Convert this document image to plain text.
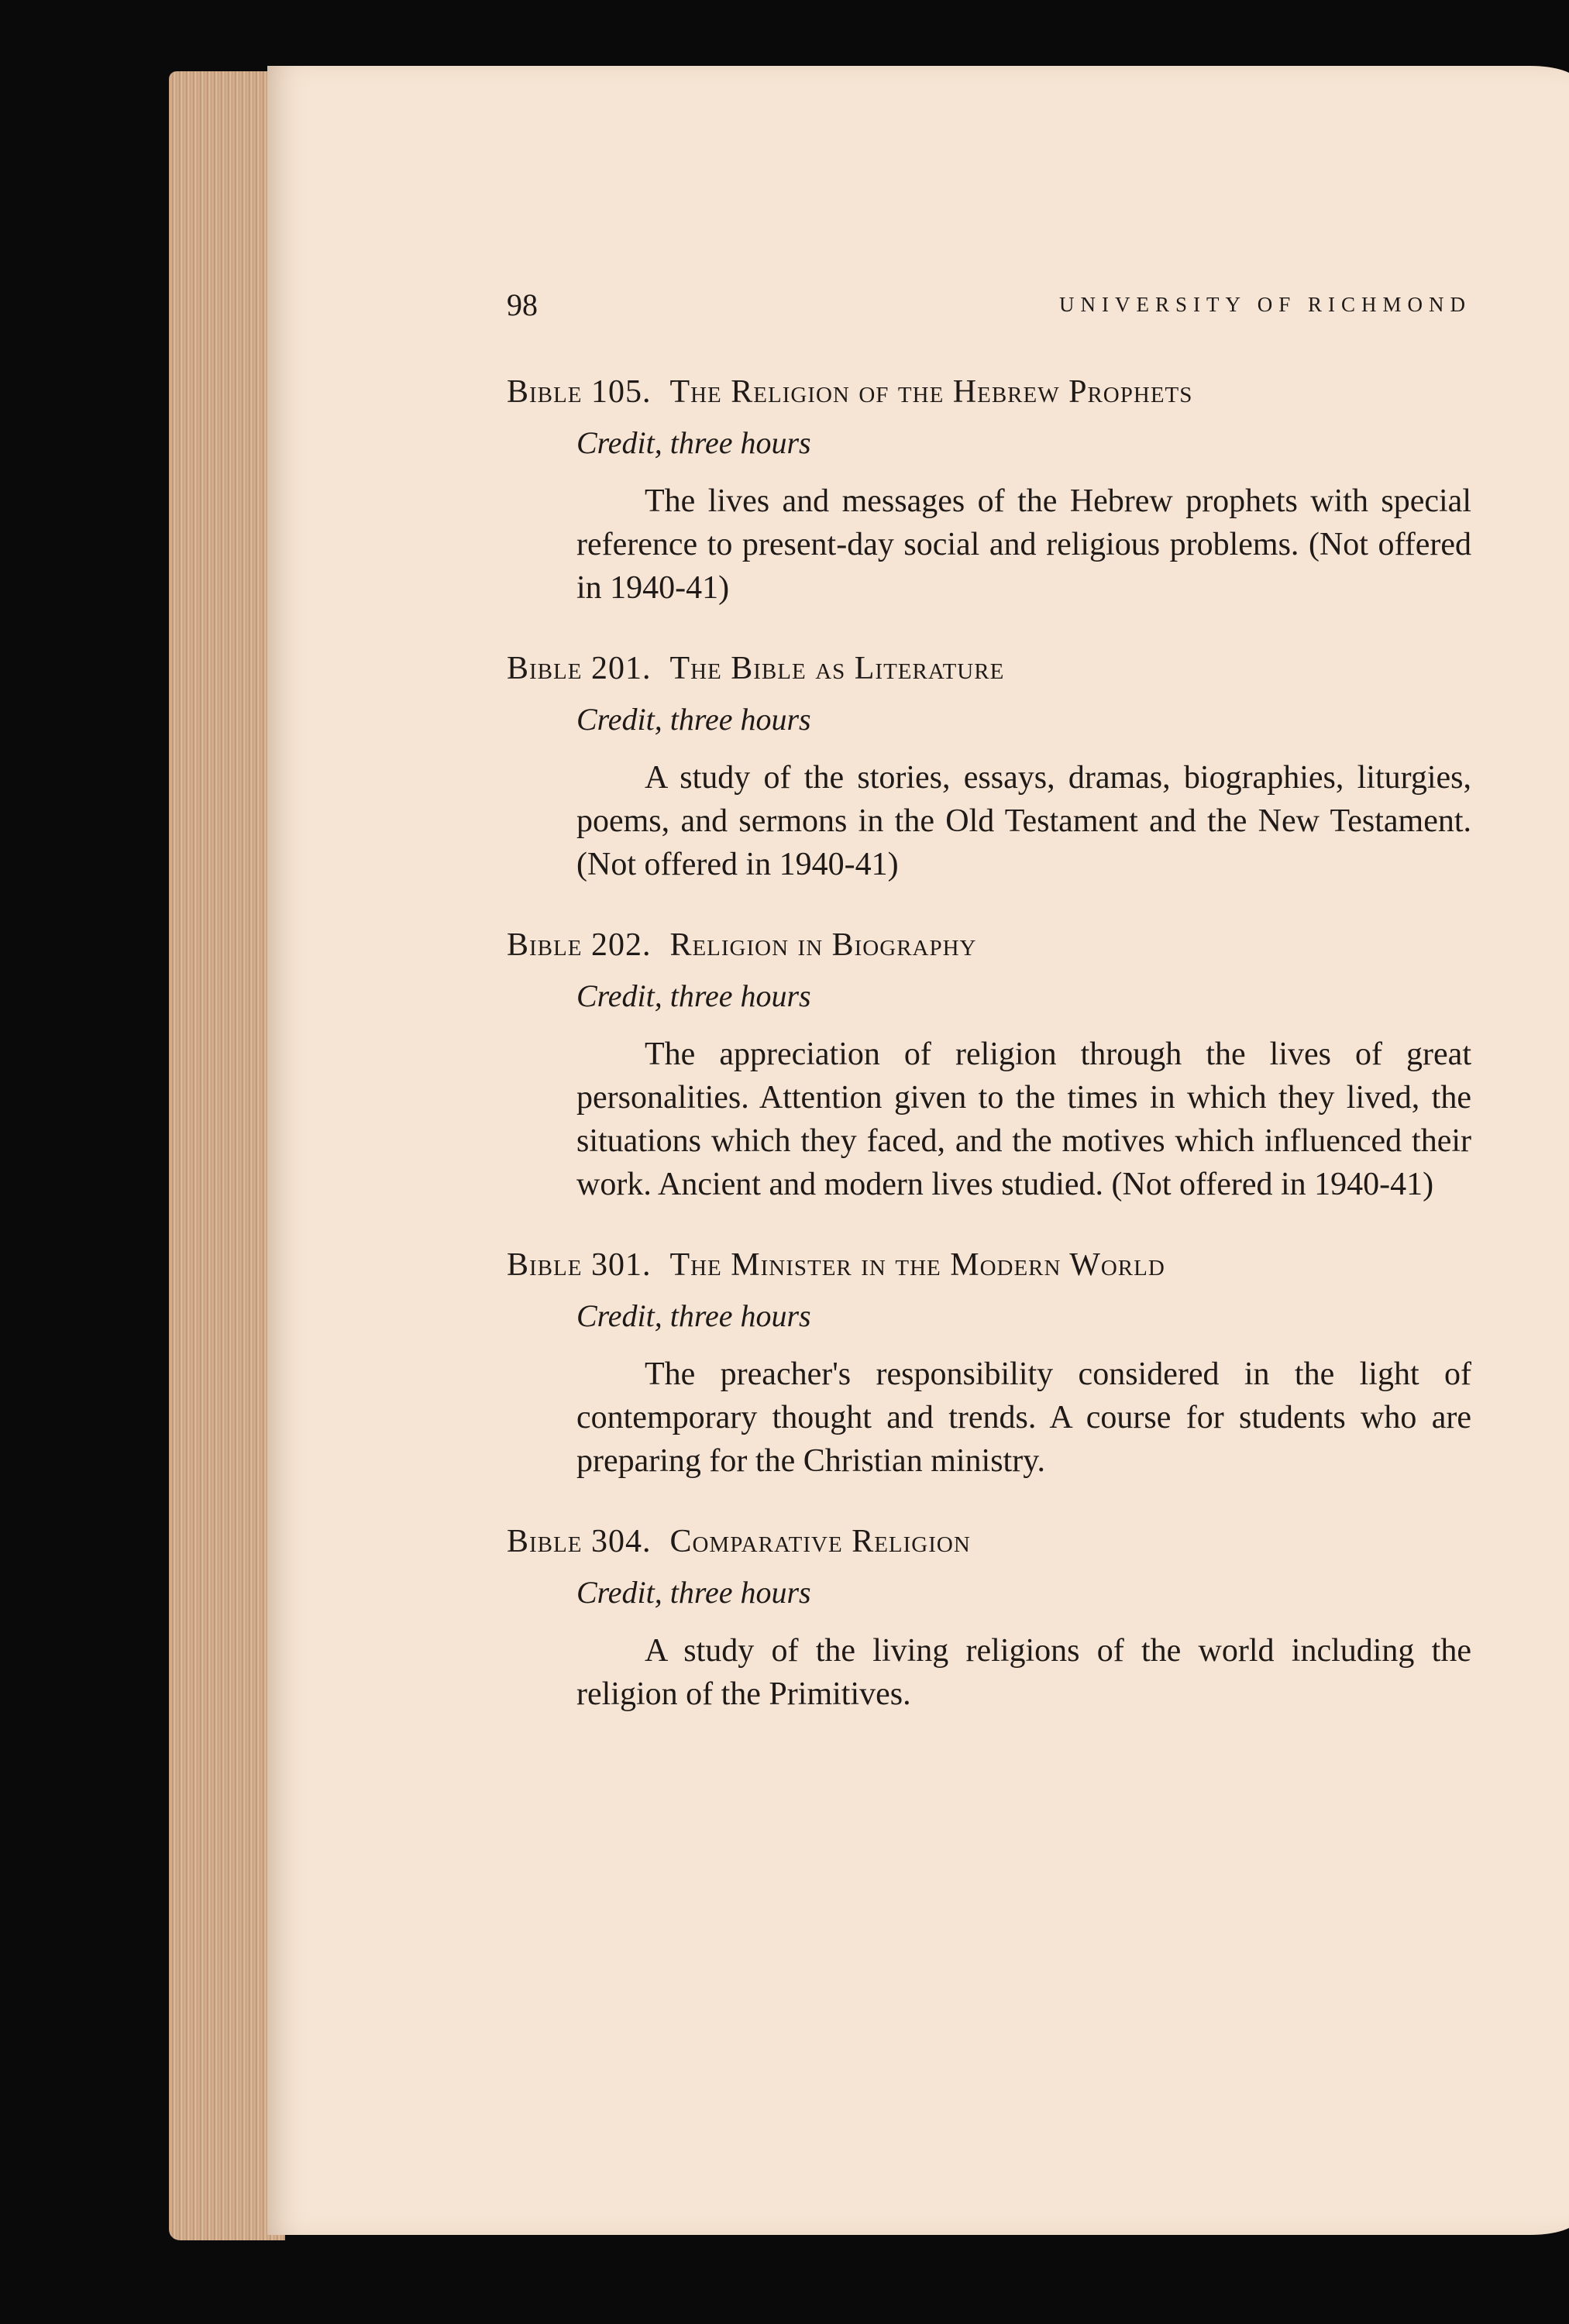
98	UNIVERSITY OF RICHMOND
Bible 105. The Religion of the Hebrew Prophets
Credit, three hours
The lives and messages of the Hebrew prophets with special reference to present-day social and religious problems. (Not offered in 1940-41)
Bible 201. The Bible as Literature
Credit, three hours
A study of the stories, essays, dramas, biographies, liturgies, poems, and sermons in the Old Testament and the New Testament. (Not offered in 1940-41)
Bible 202. Religion in Biography
Credit, three hours
The appreciation of religion through the lives of great personalities. Attention given to the times in which they lived, the situations which they faced, and the motives which influenced their work. Ancient and modern lives studied. (Not offered in 1940-41)
Bible 301. The Minister in the Modern World
Credit, three hours
The preacher's responsibility considered in the light of contemporary thought and trends. A course for students who are preparing for the Christian ministry.
Bible 304. Comparative Religion
Credit, three hours
A study of the living religions of the world including the religion of the Primitives.
